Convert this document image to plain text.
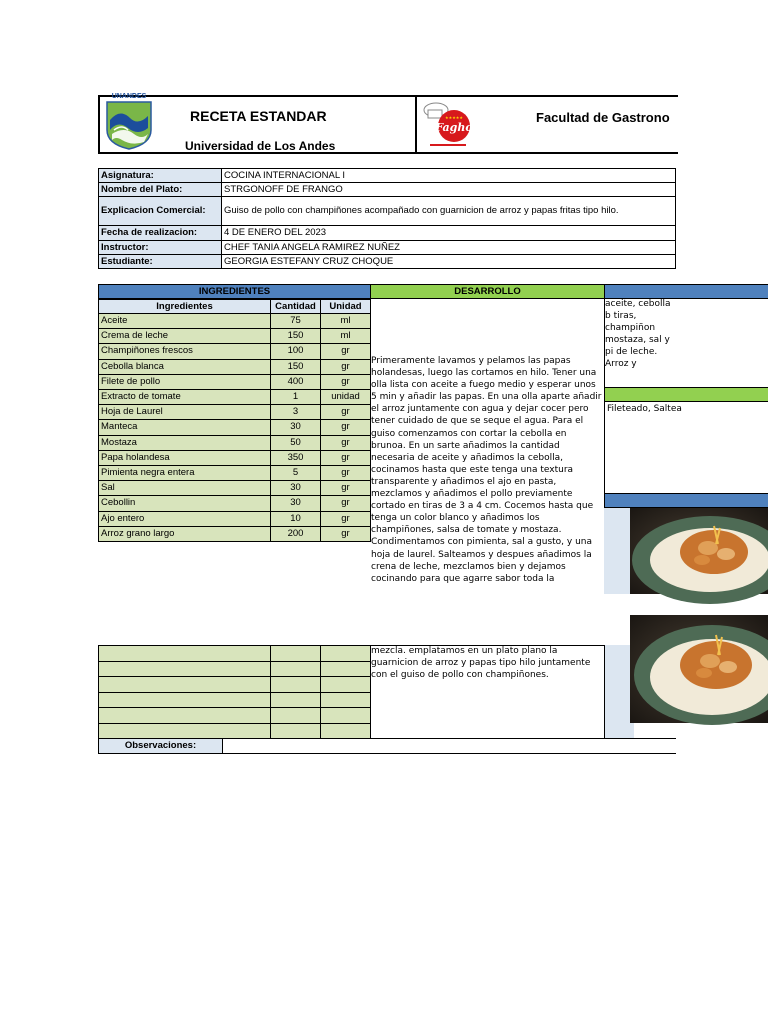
UNANDES
RECETA ESTANDAR
Universidad de Los Andes
Fagho
★★★★★	Facultad de Gastrono
Asignatura:	COCINA INTERNACIONAL I
Nombre del Plato:	STRGONOFF DE FRANGO
Explicacion Comercial:	Guiso de pollo con champiñones acompañado con guarnicion de arroz y papas fritas tipo hilo.
Fecha de realizacion:	4 DE ENERO DEL 2023
Instructor:	CHEF TANIA ANGELA RAMIREZ NUÑEZ
Estudiante:	GEORGIA ESTEFANY CRUZ CHOQUE
INGREDIENTES	DESARROLLO
Ingredientes	Cantidad	Unidad
Aceite	75	ml
Crema de leche	150	ml
Champiñones frescos	100	gr
Cebolla blanca	150	gr
Filete de pollo	400	gr
Extracto de tomate	1	unidad
Hoja de Laurel	3	gr
Manteca	30	gr
Mostaza	50	gr
Papa holandesa	350	gr
Pimienta negra entera	5	gr
Sal	30	gr
Cebollin	30	gr
Ajo entero	10	gr
Arroz grano largo	200	gr
Primeramente lavamos y pelamos las papas holandesas, luego las cortamos en hilo. Tener una olla lista con aceite a fuego medio y esperar unos 5 min y añadir las papas. En una olla aparte añadir el arroz juntamente con agua y dejar cocer pero tener cuidado de que se seque el agua. Para el guiso comenzamos con cortar la cebolla en brunoa. En un sarte añadimos la cantidad necesaria de aceite y añadimos la cebolla, cocinamos hasta que este tenga una textura transparente y añadimos el ajo en pasta, mezclamos y añadimos el pollo previamente cortado en tiras de 3 a 4 cm. Cocemos hasta que tenga un color blanco y añadimos los champiñones, salsa de tomate y mostaza. Condimentamos con pimienta, sal a gusto, y una hoja de laurel. Salteamos y despues añadimos la crena de leche, mezclamos bien y dejamos cocinando para que agarre sabor toda la
aceite, cebolla b tiras, champiñon mostaza, sal y pi de leche. Arroz y
Fileteado, Saltea
mezcla. emplatamos en un plato plano la guarnicion de arroz y papas tipo hilo juntamente con el guiso de pollo con champiñones.
Observaciones:
